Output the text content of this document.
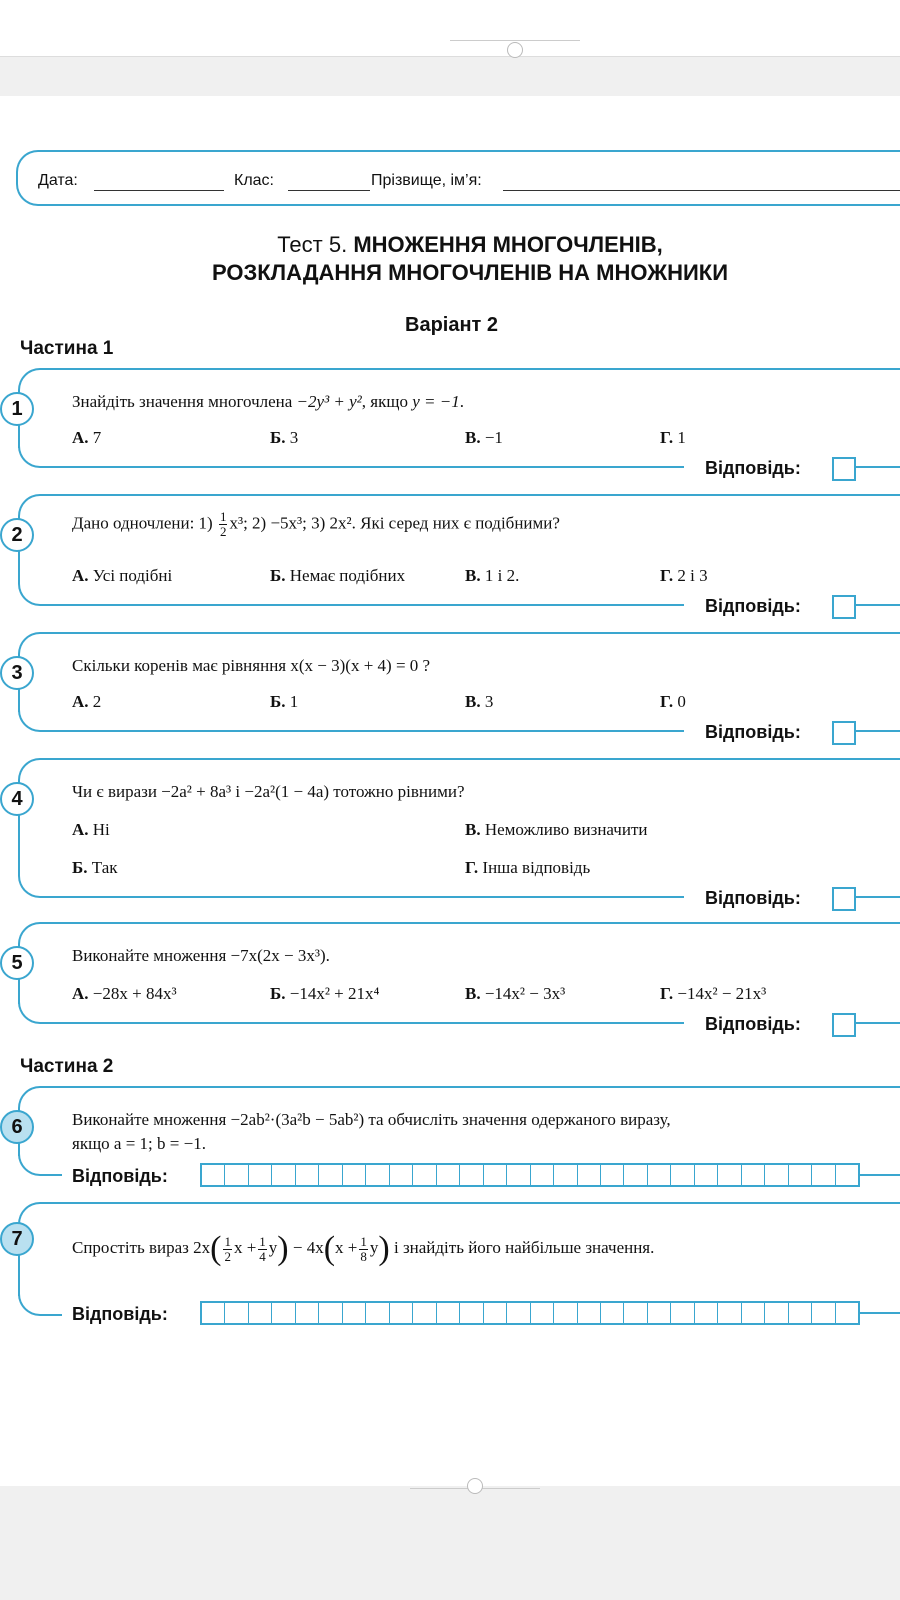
Дата:	Клас:	Прізвище, ім’я:
Тест 5. МНОЖЕННЯ МНОГОЧЛЕНІВ,
РОЗКЛАДАННЯ МНОГОЧЛЕНІВ НА МНОЖНИКИ
Варіант 2
Частина 1
1	Знайдіть значення многочлена −2y³ + y², якщо y = −1.
А. 7	Б. 3	В. −1	Г. 1
Відповідь:
2
Дано одночлени: $1) \frac{1}{2} x^3$; 2) −5x³; 3) 2x². Які серед них є подібними?
А. Усі подібні	Б. Немає подібних	В. 1 і 2.	Г. 2 і 3
Відповідь:
3	Скільки коренів має рівняння x(x − 3)(x + 4) = 0 ?
А. 2	Б. 1	В. 3	Г. 0
Відповідь:
4	Чи є вирази −2a² + 8a³ і −2a²(1 − 4a) тотожно рівними?
А. Ні	В. Неможливо визначити
Б. Так	Г. Інша відповідь
Відповідь:
5	Виконайте множення −7x(2x − 3x³).
А. −28x + 84x³	Б. −14x² + 21x⁴	В. −14x² − 3x³	Г. −14x² − 21x³
Відповідь:
Частина 2
6	Виконайте множення −2ab²·(3a²b − 5ab²) та обчисліть значення одержаного виразу,
якщо a = 1; b = −1.
Відповідь:
7	Спростіть вираз $2x( \frac{1}{2}$ $x + \frac{1}{4} y) - 4x(x + \frac{1}{8} y)$ і знайдіть його найбільше значення.
Відповідь:
